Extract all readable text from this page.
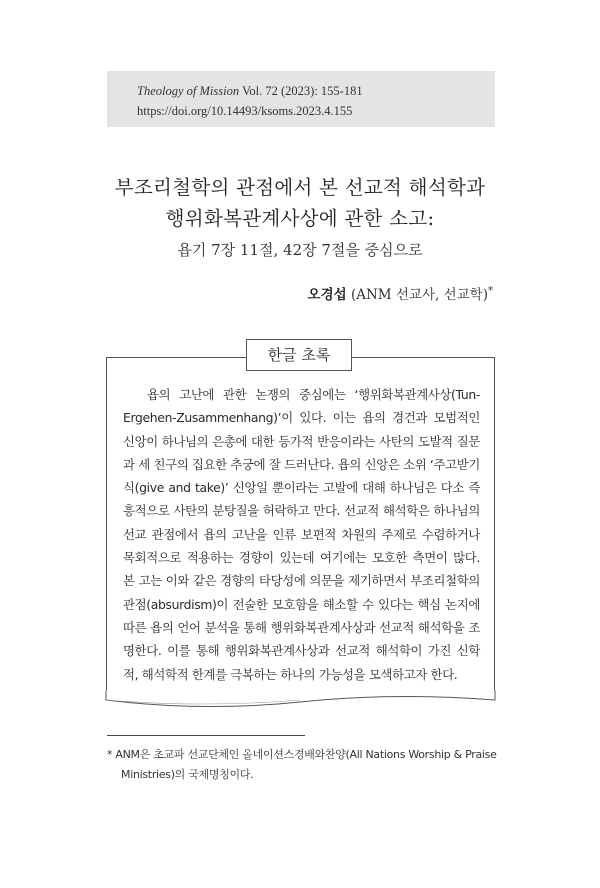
Theology of Mission Vol. 72 (2023): 155-181
https://doi.org/10.14493/ksoms.2023.4.155
부조리철학의 관점에서 본 선교적 해석학과
행위화복관계사상에 관한 소고:
욥기 7장 11절, 42장 7절을 중심으로
오경섭 (ANM 선교사, 선교학)*
한글 초록
욥의 고난에 관한 논쟁의 중심에는 ‘행위화복관계사상(Tun-Ergehen-Zusammenhang)’이 있다. 이는 욥의 경건과 모범적인 신앙이 하나님의 은총에 대한 등가적 반응이라는 사탄의 도발적 질문과 세 친구의 집요한 추궁에 잘 드러난다. 욥의 신앙은 소위 ‘주고받기식(give and take)’ 신앙일 뿐이라는 고발에 대해 하나님은 다소 즉흥적으로 사탄의 분탕질을 허락하고 만다. 선교적 해석학은 하나님의 선교 관점에서 욥의 고난을 인류 보편적 차원의 주제로 수렴하거나 목회적으로 적용하는 경향이 있는데 여기에는 모호한 측면이 많다. 본 고는 이와 같은 경향의 타당성에 의문을 제기하면서 부조리철학의 관점(absurdism)이 전술한 모호함을 해소할 수 있다는 핵심 논지에 따른 욥의 언어 분석을 통해 행위화복관계사상과 선교적 해석학을 조명한다. 이를 통해 행위화복관계사상과 선교적 해석학이 가진 신학적, 해석학적 한계를 극복하는 하나의 가능성을 모색하고자 한다.
* ANM은 초교파 선교단체인 올네이션스경배와찬양(All Nations Worship & Praise Ministries)의 국제명칭이다.
